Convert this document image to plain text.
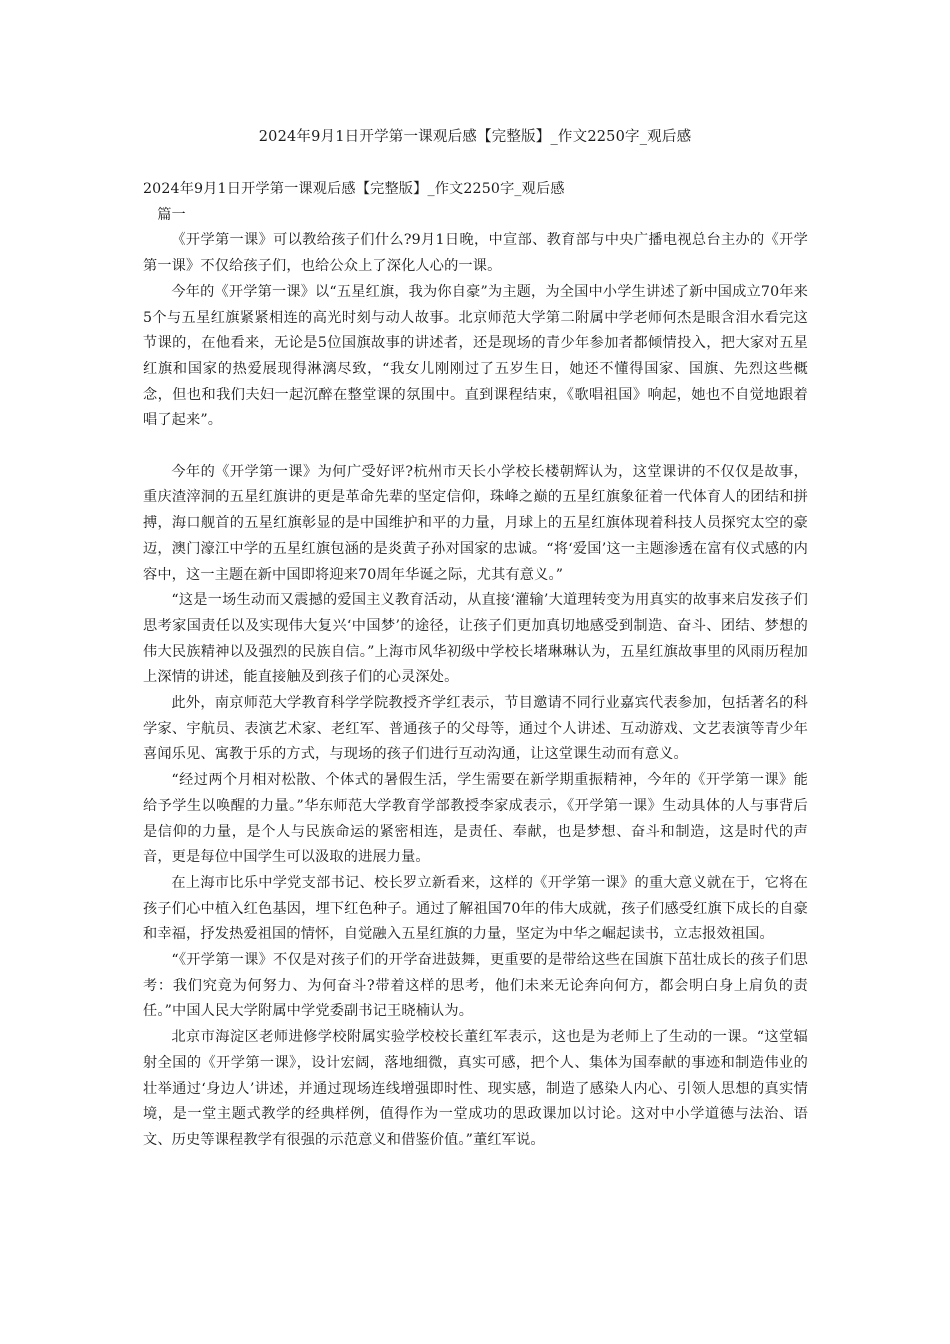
2024年9月1日开学第一课观后感【完整版】_作文2250字_观后感

2024年9月1日开学第一课观后感【完整版】_作文2250字_观后感

篇一

《开学第一课》可以教给孩子们什么?9月1日晚，中宣部、教育部与中央广播电视总台主办的《开学第一课》不仅给孩子们，也给公众上了深化人心的一课。

今年的《开学第一课》以“五星红旗，我为你自豪”为主题，为全国中小学生讲述了新中国成立70年来5个与五星红旗紧紧相连的高光时刻与动人故事。北京师范大学第二附属中学老师何杰是眼含泪水看完这节课的，在他看来，无论是5位国旗故事的讲述者，还是现场的青少年参加者都倾情投入，把大家对五星红旗和国家的热爱展现得淋漓尽致，“我女儿刚刚过了五岁生日，她还不懂得国家、国旗、先烈这些概念，但也和我们夫妇一起沉醉在整堂课的氛围中。直到课程结束，《歌唱祖国》响起，她也不自觉地跟着唱了起来”。

今年的《开学第一课》为何广受好评?杭州市天长小学校长楼朝辉认为，这堂课讲的不仅仅是故事，重庆渣滓洞的五星红旗讲的更是革命先辈的坚定信仰，珠峰之巅的五星红旗象征着一代体育人的团结和拼搏，海口舰首的五星红旗彰显的是中国维护和平的力量，月球上的五星红旗体现着科技人员探究太空的豪迈，澳门濠江中学的五星红旗包涵的是炎黄子孙对国家的忠诚。“将‘爱国’这一主题渗透在富有仪式感的内容中，这一主题在新中国即将迎来70周年华诞之际，尤其有意义。”

“这是一场生动而又震撼的爱国主义教育活动，从直接‘灌输’大道理转变为用真实的故事来启发孩子们思考家国责任以及实现伟大复兴‘中国梦’的途径，让孩子们更加真切地感受到制造、奋斗、团结、梦想的伟大民族精神以及强烈的民族自信。”上海市风华初级中学校长堵琳琳认为，五星红旗故事里的风雨历程加上深情的讲述，能直接触及到孩子们的心灵深处。

此外，南京师范大学教育科学学院教授齐学红表示，节目邀请不同行业嘉宾代表参加，包括著名的科学家、宇航员、表演艺术家、老红军、普通孩子的父母等，通过个人讲述、互动游戏、文艺表演等青少年喜闻乐见、寓教于乐的方式，与现场的孩子们进行互动沟通，让这堂课生动而有意义。

“经过两个月相对松散、个体式的暑假生活，学生需要在新学期重振精神，今年的《开学第一课》能给予学生以唤醒的力量。”华东师范大学教育学部教授李家成表示，《开学第一课》生动具体的人与事背后是信仰的力量，是个人与民族命运的紧密相连，是责任、奉献，也是梦想、奋斗和制造，这是时代的声音，更是每位中国学生可以汲取的进展力量。

在上海市比乐中学党支部书记、校长罗立新看来，这样的《开学第一课》的重大意义就在于，它将在孩子们心中植入红色基因，埋下红色种子。通过了解祖国70年的伟大成就，孩子们感受红旗下成长的自豪和幸福，抒发热爱祖国的情怀，自觉融入五星红旗的力量，坚定为中华之崛起读书，立志报效祖国。

“《开学第一课》不仅是对孩子们的开学奋进鼓舞，更重要的是带给这些在国旗下茁壮成长的孩子们思考：我们究竟为何努力、为何奋斗?带着这样的思考，他们未来无论奔向何方，都会明白身上肩负的责任。”中国人民大学附属中学党委副书记王晓楠认为。

北京市海淀区老师进修学校附属实验学校校长董红军表示，这也是为老师上了生动的一课。“这堂辐射全国的《开学第一课》，设计宏阔，落地细微，真实可感，把个人、集体为国奉献的事迹和制造伟业的壮举通过‘身边人’讲述，并通过现场连线增强即时性、现实感，制造了感染人内心、引领人思想的真实情境，是一堂主题式教学的经典样例，值得作为一堂成功的思政课加以讨论。这对中小学道德与法治、语文、历史等课程教学有很强的示范意义和借鉴价值。”董红军说。
